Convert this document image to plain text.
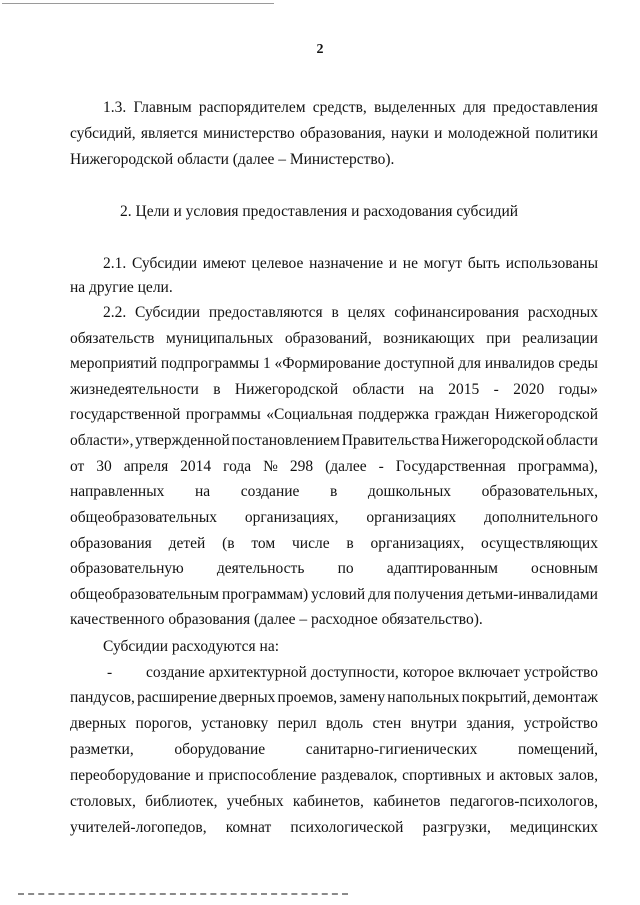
2
1.3. Главным распорядителем средств, выделенных для предоставления
субсидий, является министерство образования, науки и молодежной политики
Нижегородской области (далее – Министерство).
2. Цели и условия предоставления и расходования субсидий
2.1. Субсидии имеют целевое назначение и не могут быть использованы
на другие цели.
2.2. Субсидии предоставляются в целях софинансирования расходных
обязательств муниципальных образований, возникающих при реализации
мероприятий подпрограммы 1 «Формирование доступной для инвалидов среды
жизнедеятельности в Нижегородской области на 2015 - 2020 годы»
государственной программы «Социальная поддержка граждан Нижегородской
области», утвержденной постановлением Правительства Нижегородской области
от 30 апреля 2014 года № 298 (далее - Государственная программа),
направленных на создание в дошкольных образовательных,
общеобразовательных организациях, организациях дополнительного
образования детей (в том числе в организациях, осуществляющих
образовательную деятельность по адаптированным основным
общеобразовательным программам) условий для получения детьми-инвалидами
качественного образования (далее – расходное обязательство).
Субсидии расходуются на:
-	создание архитектурной доступности, которое включает устройство
пандусов, расширение дверных проемов, замену напольных покрытий, демонтаж
дверных порогов, установку перил вдоль стен внутри здания, устройство
разметки,	оборудование	санитарно-гигиенических	помещений,
переоборудование и приспособление раздевалок, спортивных и актовых залов,
столовых, библиотек, учебных кабинетов, кабинетов педагогов-психологов,
учителей-логопедов, комнат психологической разгрузки, медицинских
